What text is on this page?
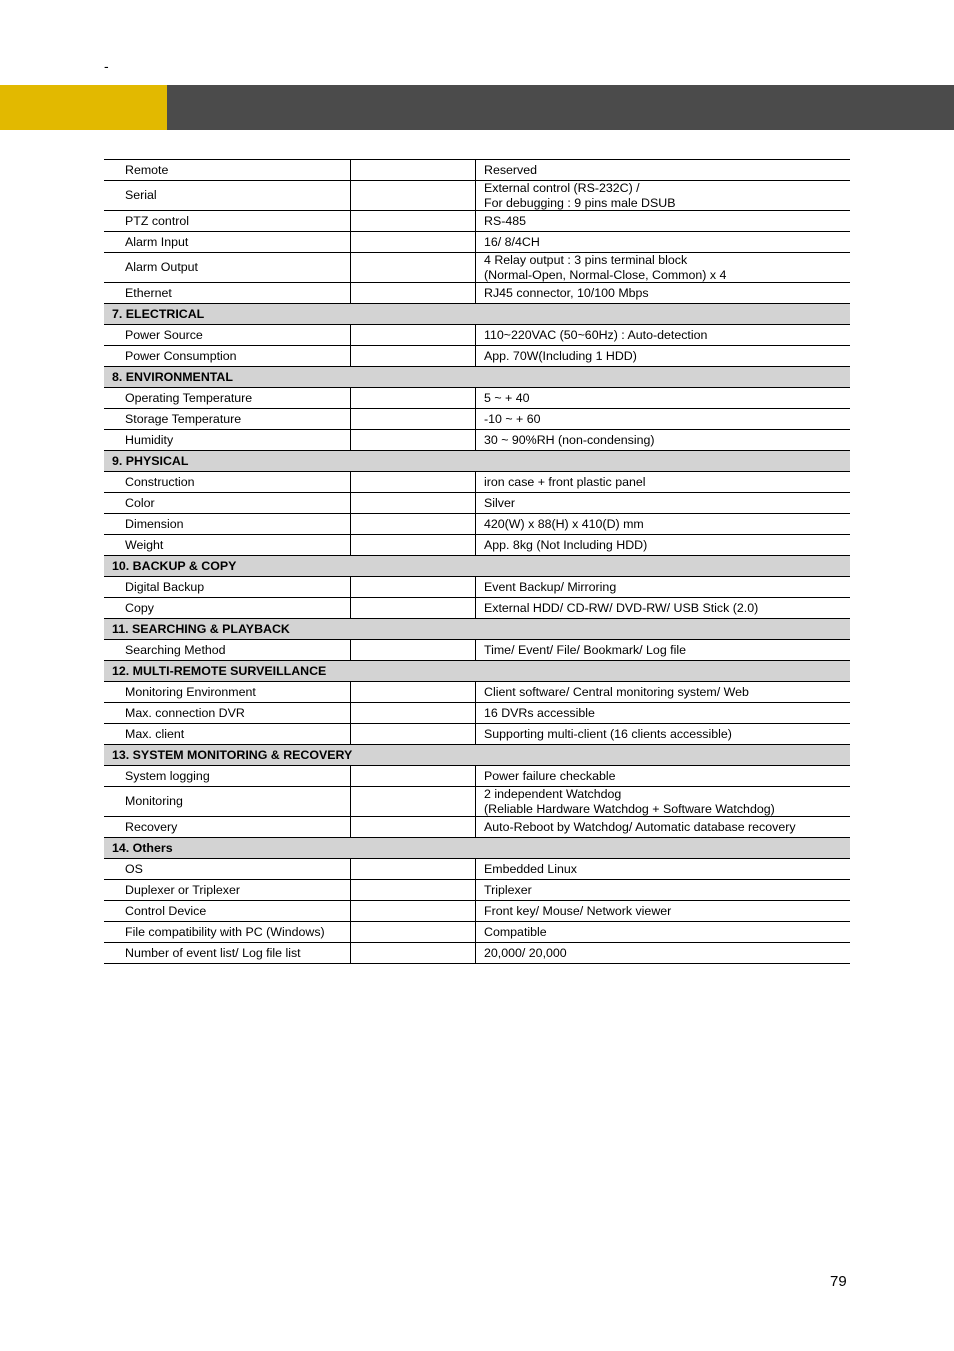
-
Remote		Reserved
Serial		External control (RS-232C) /
For debugging : 9 pins male DSUB
PTZ control		RS-485
Alarm Input		16/ 8/4CH
Alarm Output		4 Relay output : 3 pins terminal block
(Normal-Open, Normal-Close, Common) x 4
Ethernet		RJ45 connector, 10/100 Mbps
7. ELECTRICAL		
Power Source		110~220VAC (50~60Hz) : Auto-detection
Power Consumption		App. 70W(Including 1 HDD)
8. ENVIRONMENTAL		
Operating Temperature		5 ~ + 40
Storage Temperature		-10 ~ + 60
Humidity		30 ~ 90%RH (non-condensing)
9. PHYSICAL		
Construction		iron case + front plastic panel
Color		Silver
Dimension		420(W) x 88(H) x 410(D) mm
Weight		App. 8kg (Not Including HDD)
10. BACKUP & COPY		
Digital Backup		Event Backup/ Mirroring
Copy		External HDD/ CD-RW/ DVD-RW/ USB Stick (2.0)
11. SEARCHING & PLAYBACK		
Searching Method		Time/ Event/ File/ Bookmark/ Log file
12. MULTI-REMOTE SURVEILLANCE		
Monitoring Environment		Client software/ Central monitoring system/ Web
Max. connection DVR		16 DVRs accessible
Max. client		Supporting multi-client (16 clients accessible)
13. SYSTEM MONITORING & RECOVERY		
System logging		Power failure checkable
Monitoring		2 independent Watchdog
(Reliable Hardware Watchdog + Software Watchdog)
Recovery		Auto-Reboot by Watchdog/ Automatic database recovery
14. Others		
OS		Embedded Linux
Duplexer or Triplexer		Triplexer
Control Device		Front key/ Mouse/ Network viewer
File compatibility with PC (Windows)		Compatible
Number of event list/ Log file list		20,000/ 20,000
79
